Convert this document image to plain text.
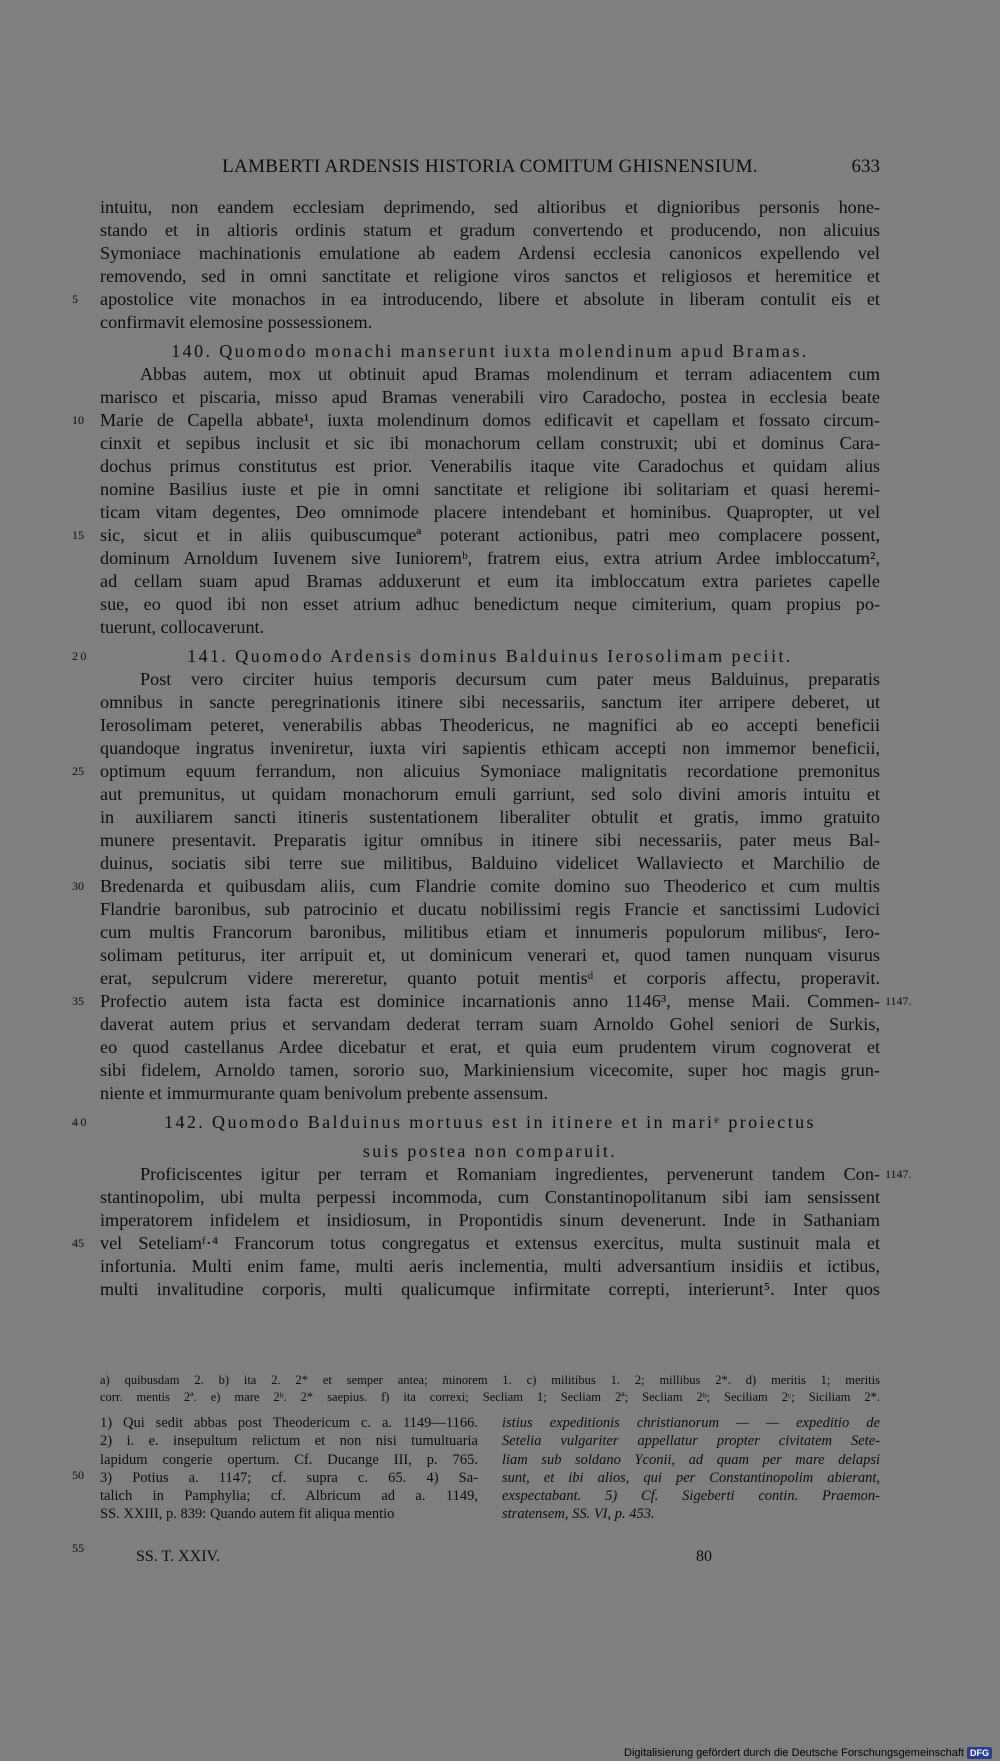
LAMBERTI ARDENSIS HISTORIA COMITUM GHISNENSIUM.	633
intuitu, non eandem ecclesiam deprimendo, sed altioribus et dignioribus personis hone-
stando et in altioris ordinis statum et gradum convertendo et producendo, non alicuius
Symoniace machinationis emulatione ab eadem Ardensi ecclesia canonicos expellendo vel
removendo, sed in omni sanctitate et religione viros sanctos et religiosos et heremitice et
apostolice vite monachos in ea introducendo, libere et absolute in liberam contulit eis et
5
confirmavit elemosine possessionem.
140. Quomodo monachi manserunt iuxta molendinum apud Bramas.
Abbas autem, mox ut obtinuit apud Bramas molendinum et terram adiacentem cum
marisco et piscaria, misso apud Bramas venerabili viro Caradocho, postea in ecclesia beate
Marie de Capella abbate¹, iuxta molendinum domos edificavit et capellam et fossato circum-
10
cinxit et sepibus inclusit et sic ibi monachorum cellam construxit; ubi et dominus Cara-
dochus primus constitutus est prior. Venerabilis itaque vite Caradochus et quidam alius
nomine Basilius iuste et pie in omni sanctitate et religione ibi solitariam et quasi heremi-
ticam vitam degentes, Deo omnimode placere intendebant et hominibus. Quapropter, ut vel
sic, sicut et in aliis quibuscumqueª poterant actionibus, patri meo complacere possent,
15
dominum Arnoldum Iuvenem sive Iunioremᵇ, fratrem eius, extra atrium Ardee imbloccatum²,
ad cellam suam apud Bramas adduxerunt et eum ita imbloccatum extra parietes capelle
sue, eo quod ibi non esset atrium adhuc benedictum neque cimiterium, quam propius po-
tuerunt, collocaverunt.
141. Quomodo Ardensis dominus Balduinus Ierosolimam peciit.
20
Post vero circiter huius temporis decursum cum pater meus Balduinus, preparatis
omnibus in sancte peregrinationis itinere sibi necessariis, sanctum iter arripere deberet, ut
Ierosolimam peteret, venerabilis abbas Theodericus, ne magnifici ab eo accepti beneficii
quandoque ingratus inveniretur, iuxta viri sapientis ethicam accepti non immemor beneficii,
optimum equum ferrandum, non alicuius Symoniace malignitatis recordatione premonitus
25
aut premunitus, ut quidam monachorum emuli garriunt, sed solo divini amoris intuitu et
in auxiliarem sancti itineris sustentationem liberaliter obtulit et gratis, immo gratuito
munere presentavit. Preparatis igitur omnibus in itinere sibi necessariis, pater meus Bal-
duinus, sociatis sibi terre sue militibus, Balduino videlicet Wallaviecto et Marchilio de
Bredenarda et quibusdam aliis, cum Flandrie comite domino suo Theoderico et cum multis
30
Flandrie baronibus, sub patrocinio et ducatu nobilissimi regis Francie et sanctissimi Ludovici
cum multis Francorum baronibus, militibus etiam et innumeris populorum milibusᶜ, Iero-
solimam petiturus, iter arripuit et, ut dominicum venerari et, quod tamen nunquam visurus
erat, sepulcrum videre mereretur, quanto potuit mentisᵈ et corporis affectu, properavit.
Profectio autem ista facta est dominice incarnationis anno 1146³, mense Maii. Commen-
35	1147.
daverat autem prius et servandam dederat terram suam Arnoldo Gohel seniori de Surkis,
eo quod castellanus Ardee dicebatur et erat, et quia eum prudentem virum cognoverat et
sibi fidelem, Arnoldo tamen, sororio suo, Markiniensium vicecomite, super hoc magis grun-
niente et immurmurante quam benivolum prebente assensum.
142. Quomodo Balduinus mortuus est in itinere et in mariᵉ proiectus
40
suis postea non comparuit.
Proficiscentes igitur per terram et Romaniam ingredientes, pervenerunt tandem Con- 1147.
stantinopolim, ubi multa perpessi incommoda, cum Constantinopolitanum sibi iam sensissent
imperatorem infidelem et insidiosum, in Propontidis sinum devenerunt. Inde in Sathaniam
vel Seteliamᶠ·⁴ Francorum totus congregatus et extensus exercitus, multa sustinuit mala et
45
infortunia. Multi enim fame, multi aeris inclementia, multi adversantium insidiis et ictibus,
multi invalitudine corporis, multi qualicumque infirmitate correpti, interierunt⁵. Inter quos
a) quibusdam 2. b) ita 2. 2* et semper antea; minorem 1. c) militibus 1. 2; millibus 2*. d) meritis 1; meritis
corr. mentis 2ª. e) mare 2ᵇ. 2* saepius. f) ita correxi; Secliam 1; Secliam 2ª; Secliam 2ᵇ; Seciliam 2ᶜ; Siciliam 2*.
50
55
1) Qui sedit abbas post Theodericum c. a. 1149—1166.
2) i. e. insepultum relictum et non nisi tumultuaria
lapidum congerie opertum. Cf. Ducange III, p. 765.
3) Potius a. 1147; cf. supra c. 65. 4) Sa-
talich in Pamphylia; cf. Albricum ad a. 1149,
SS. XXIII, p. 839: Quando autem fit aliqua mentio
istius expeditionis christianorum — — expeditio de
Setelia vulgariter appellatur propter civitatem Sete-
liam sub soldano Yconii, ad quam per mare delapsi
sunt, et ibi alios, qui per Constantinopolim abierant,
exspectabant. 5) Cf. Sigeberti contin. Praemon-
stratensem, SS. VI, p. 453.
SS. T. XXIV.	80
Digitalisierung gefördert durch die Deutsche Forschungsgemeinschaft DFG
